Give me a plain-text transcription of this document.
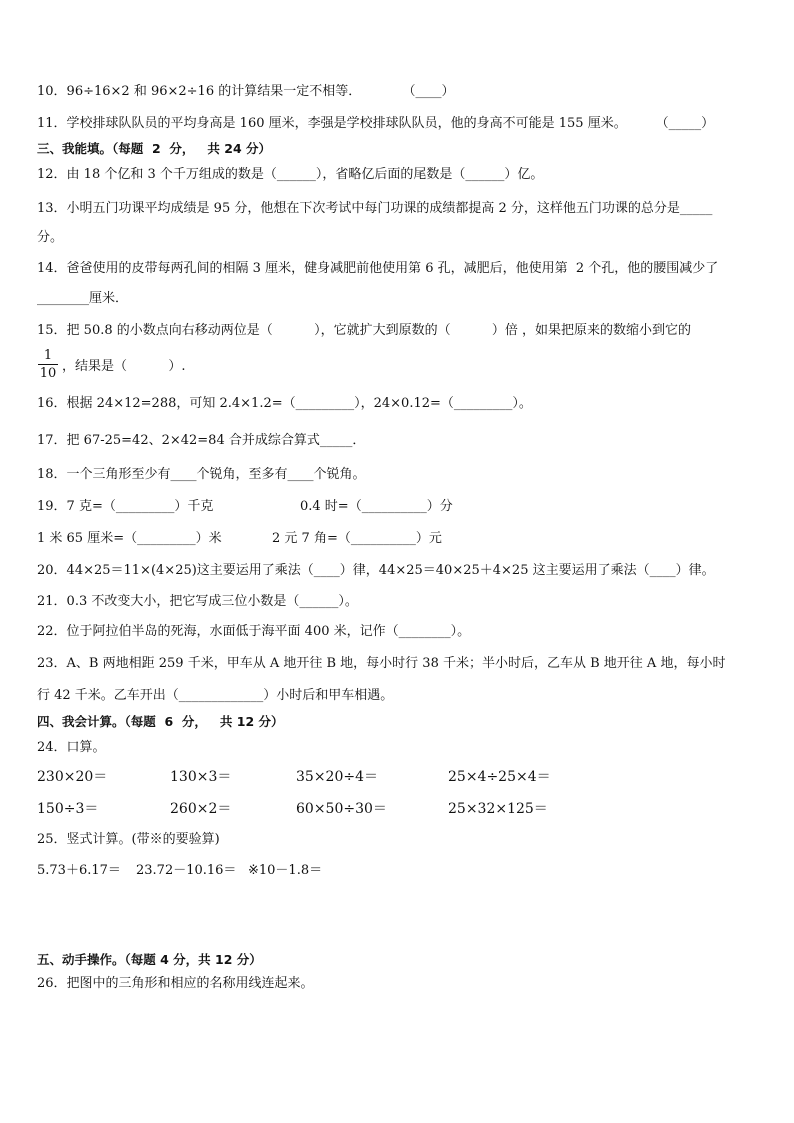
10．96÷16×2 和 96×2÷16 的计算结果一定不相等．          （____）
11．学校排球队队员的平均身高是 160 厘米，李强是学校排球队队员，他的身高不可能是 155 厘米。       （_____）
三、我能填。（每题  2  分，   共 24 分）
12．由 18 个亿和 3 个千万组成的数是（______），省略亿后面的尾数是（______）亿。
13．小明五门功课平均成绩是 95 分，他想在下次考试中每门功课的成绩都提高 2 分，这样他五门功课的总分是_____
分。
14．爸爸使用的皮带每两孔间的相隔 3 厘米，健身减肥前他使用第 6 孔，减肥后，他使用第  2 个孔，他的腰围减少了
________厘米．
15．把 50.8 的小数点向右移动两位是（          ），它就扩大到原数的（          ）倍 ，如果把原来的数缩小到它的
1
10 ，结果是（          ）.
16．根据 24×12=288，可知 2.4×1.2=（_________），24×0.12=（_________）。
17．把 67-25=42、2×42=84 合并成综合算式_____．
18．一个三角形至少有____个锐角，至多有____个锐角。
19．7 克=（_________）千克	0.4 时=（__________）分
1 米 65 厘米=（_________）米	2 元 7 角=（__________）元
20．44×25＝11×(4×25)这主要运用了乘法（____）律，44×25＝40×25＋4×25 这主要运用了乘法（____）律。
21．0.3 不改变大小，把它写成三位小数是（______）。
22．位于阿拉伯半岛的死海，水面低于海平面 400 米，记作（________）。
23．A、B 两地相距 259 千米，甲车从 A 地开往 B 地，每小时行 38 千米；半小时后，乙车从 B 地开往 A 地，每小时
行 42 千米。乙车开出（_____________）小时后和甲车相遇。
四、我会计算。（每题  6  分，   共 12 分）
24．口算。
230×20＝	130×3＝	35×20÷4＝	25×4÷25×4＝
150÷3＝	260×2＝	60×50÷30＝	25×32×125＝
25．竖式计算。(带※的要验算)
5.73＋6.17＝ 23.72－10.16＝ ※10－1.8＝
五、动手操作。（每题 4 分，共 12 分）
26．把图中的三角形和相应的名称用线连起来。
